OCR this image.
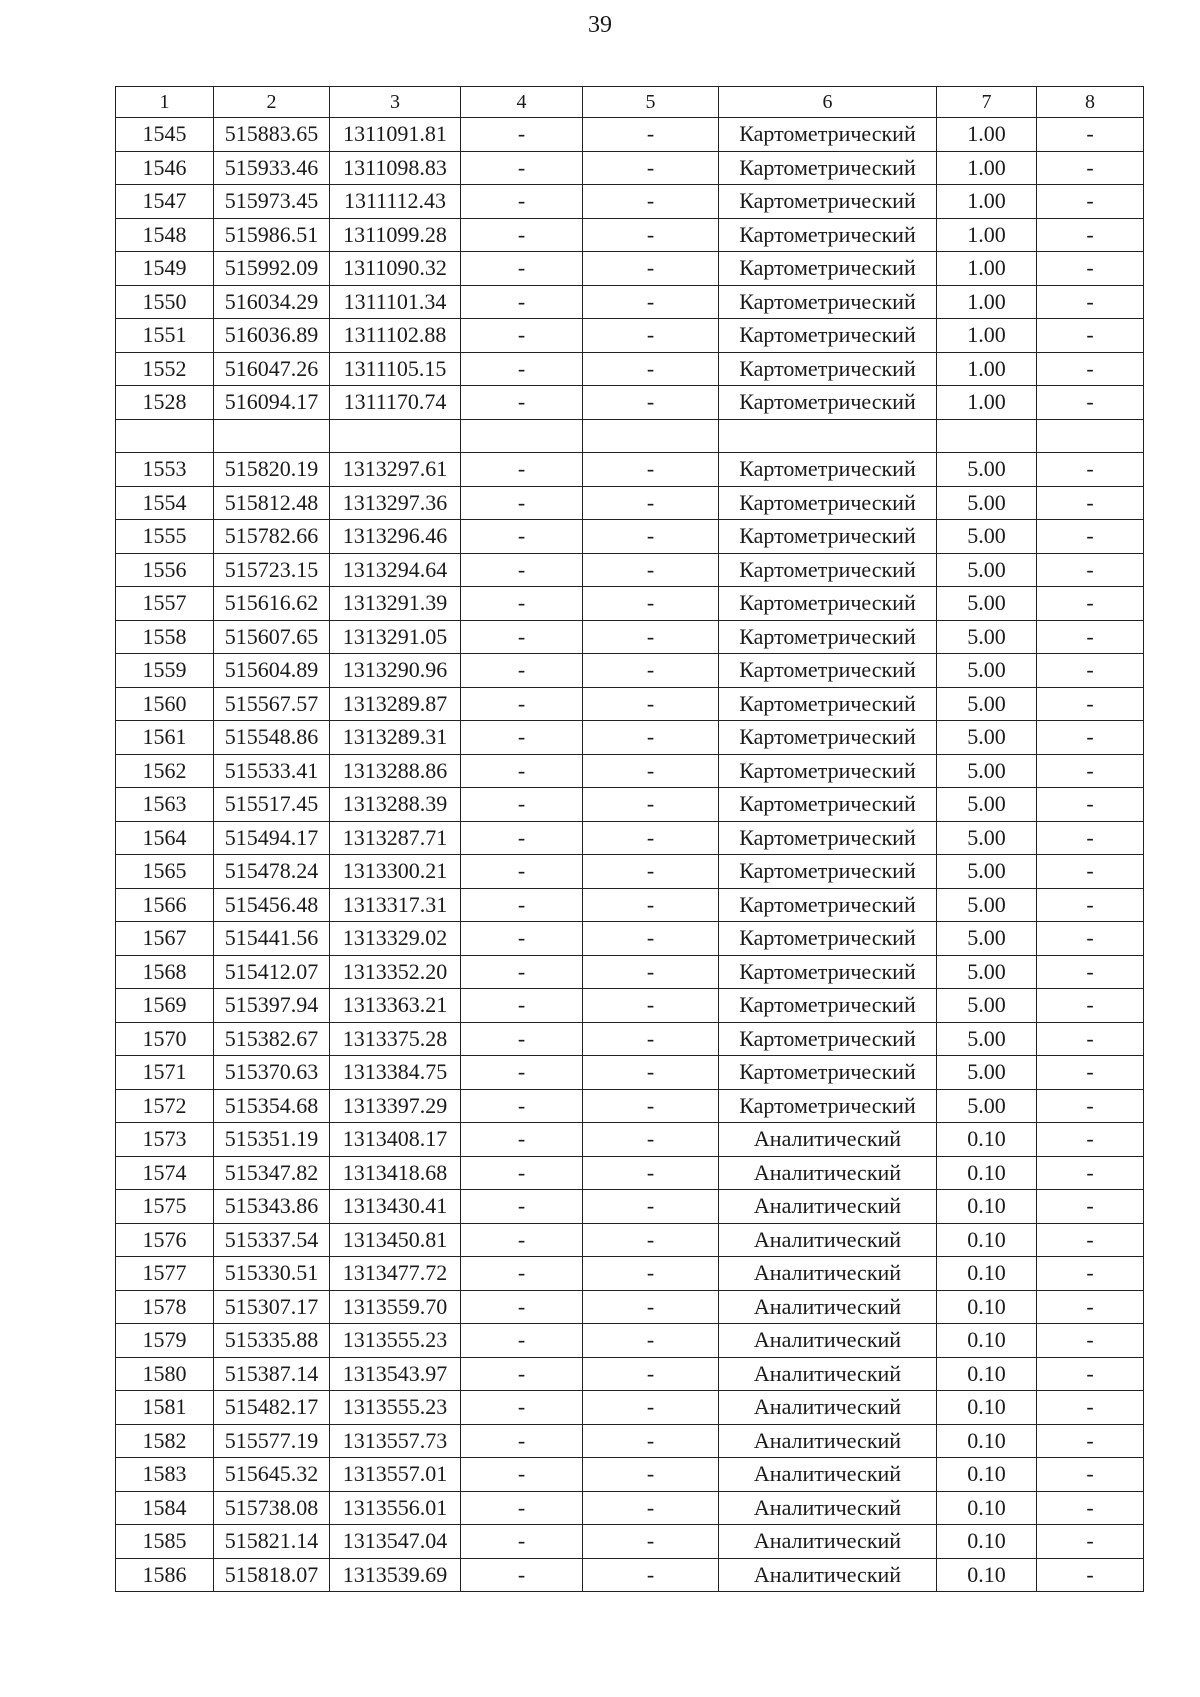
39
1	2	3	4	5	6	7	8
1545	515883.65	1311091.81	-	-	Картометрический	1.00	-
1546	515933.46	1311098.83	-	-	Картометрический	1.00	-
1547	515973.45	1311112.43	-	-	Картометрический	1.00	-
1548	515986.51	1311099.28	-	-	Картометрический	1.00	-
1549	515992.09	1311090.32	-	-	Картометрический	1.00	-
1550	516034.29	1311101.34	-	-	Картометрический	1.00	-
1551	516036.89	1311102.88	-	-	Картометрический	1.00	-
1552	516047.26	1311105.15	-	-	Картометрический	1.00	-
1528	516094.17	1311170.74	-	-	Картометрический	1.00	-

1553	515820.19	1313297.61	-	-	Картометрический	5.00	-
1554	515812.48	1313297.36	-	-	Картометрический	5.00	-
1555	515782.66	1313296.46	-	-	Картометрический	5.00	-
1556	515723.15	1313294.64	-	-	Картометрический	5.00	-
1557	515616.62	1313291.39	-	-	Картометрический	5.00	-
1558	515607.65	1313291.05	-	-	Картометрический	5.00	-
1559	515604.89	1313290.96	-	-	Картометрический	5.00	-
1560	515567.57	1313289.87	-	-	Картометрический	5.00	-
1561	515548.86	1313289.31	-	-	Картометрический	5.00	-
1562	515533.41	1313288.86	-	-	Картометрический	5.00	-
1563	515517.45	1313288.39	-	-	Картометрический	5.00	-
1564	515494.17	1313287.71	-	-	Картометрический	5.00	-
1565	515478.24	1313300.21	-	-	Картометрический	5.00	-
1566	515456.48	1313317.31	-	-	Картометрический	5.00	-
1567	515441.56	1313329.02	-	-	Картометрический	5.00	-
1568	515412.07	1313352.20	-	-	Картометрический	5.00	-
1569	515397.94	1313363.21	-	-	Картометрический	5.00	-
1570	515382.67	1313375.28	-	-	Картометрический	5.00	-
1571	515370.63	1313384.75	-	-	Картометрический	5.00	-
1572	515354.68	1313397.29	-	-	Картометрический	5.00	-
1573	515351.19	1313408.17	-	-	Аналитический	0.10	-
1574	515347.82	1313418.68	-	-	Аналитический	0.10	-
1575	515343.86	1313430.41	-	-	Аналитический	0.10	-
1576	515337.54	1313450.81	-	-	Аналитический	0.10	-
1577	515330.51	1313477.72	-	-	Аналитический	0.10	-
1578	515307.17	1313559.70	-	-	Аналитический	0.10	-
1579	515335.88	1313555.23	-	-	Аналитический	0.10	-
1580	515387.14	1313543.97	-	-	Аналитический	0.10	-
1581	515482.17	1313555.23	-	-	Аналитический	0.10	-
1582	515577.19	1313557.73	-	-	Аналитический	0.10	-
1583	515645.32	1313557.01	-	-	Аналитический	0.10	-
1584	515738.08	1313556.01	-	-	Аналитический	0.10	-
1585	515821.14	1313547.04	-	-	Аналитический	0.10	-
1586	515818.07	1313539.69	-	-	Аналитический	0.10	-
